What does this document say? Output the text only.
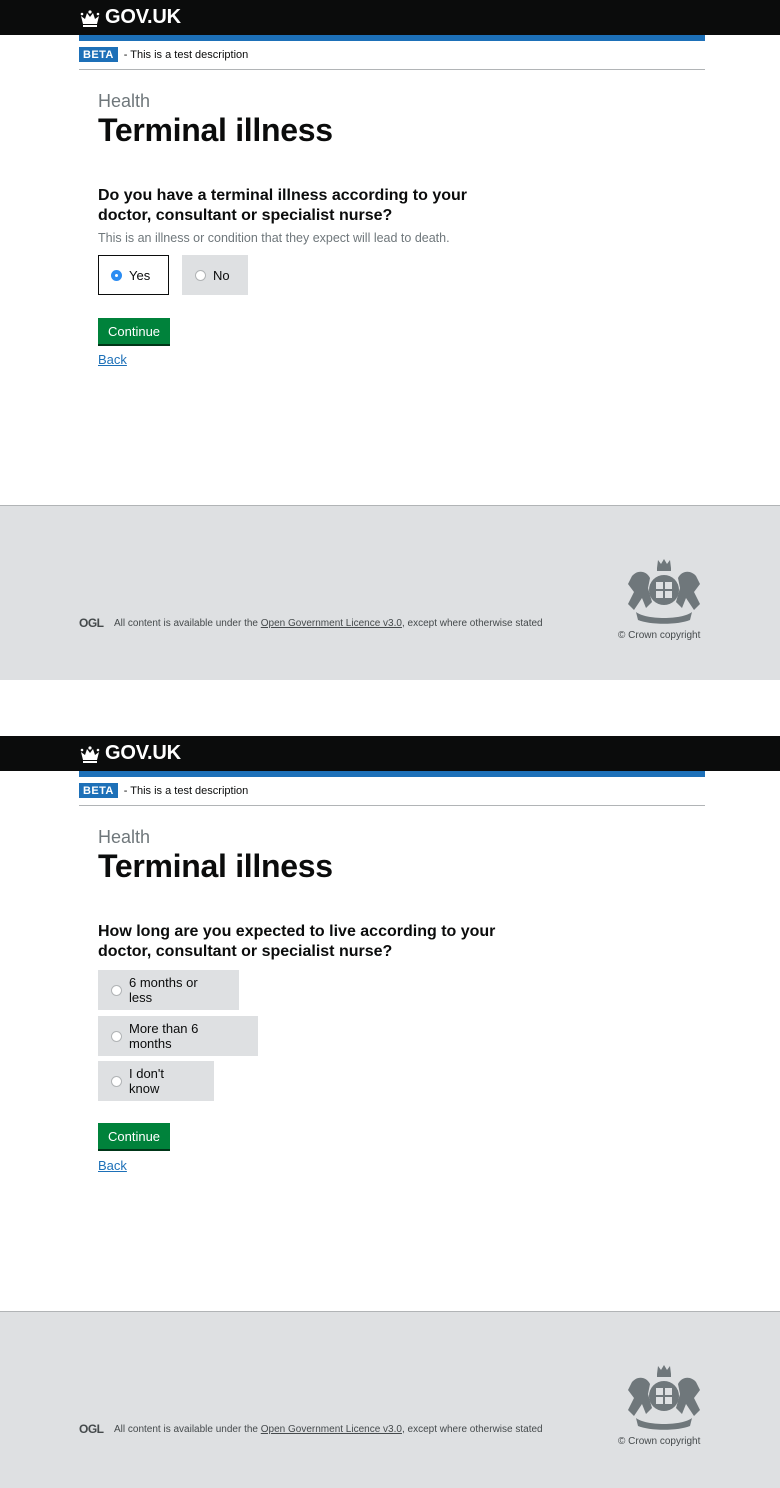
GOV.UK
BETA - This is a test description
Health
Terminal illness
Do you have a terminal illness according to your doctor, consultant or specialist nurse?
This is an illness or condition that they expect will lead to death.
Yes	No
Continue
Back
OGL All content is available under the Open Government Licence v3.0, except where otherwise stated
© Crown copyright
GOV.UK
BETA - This is a test description
Health
Terminal illness
How long are you expected to live according to your doctor, consultant or specialist nurse?
6 months or less
More than 6 months
I don't know
Continue
Back
OGL All content is available under the Open Government Licence v3.0, except where otherwise stated
© Crown copyright
